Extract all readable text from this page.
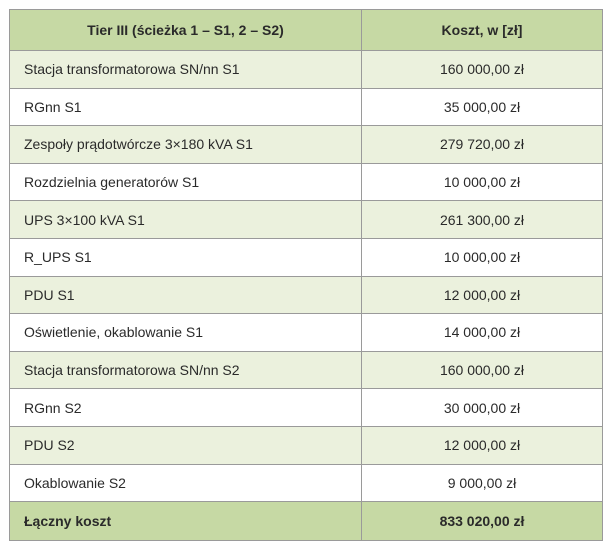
Tier III (ścieżka 1 – S1, 2 – S2)	Koszt, w [zł]
Stacja transformatorowa SN/nn S1	160 000,00 zł
RGnn S1	35 000,00 zł
Zespoły prądotwórcze 3×180 kVA S1	279 720,00 zł
Rozdzielnia generatorów S1	10 000,00 zł
UPS 3×100 kVA S1	261 300,00 zł
R_UPS S1	10 000,00 zł
PDU S1	12 000,00 zł
Oświetlenie, okablowanie S1	14 000,00 zł
Stacja transformatorowa SN/nn S2	160 000,00 zł
RGnn S2	30 000,00 zł
PDU S2	12 000,00 zł
Okablowanie S2	9 000,00 zł
Łączny koszt	833 020,00 zł
